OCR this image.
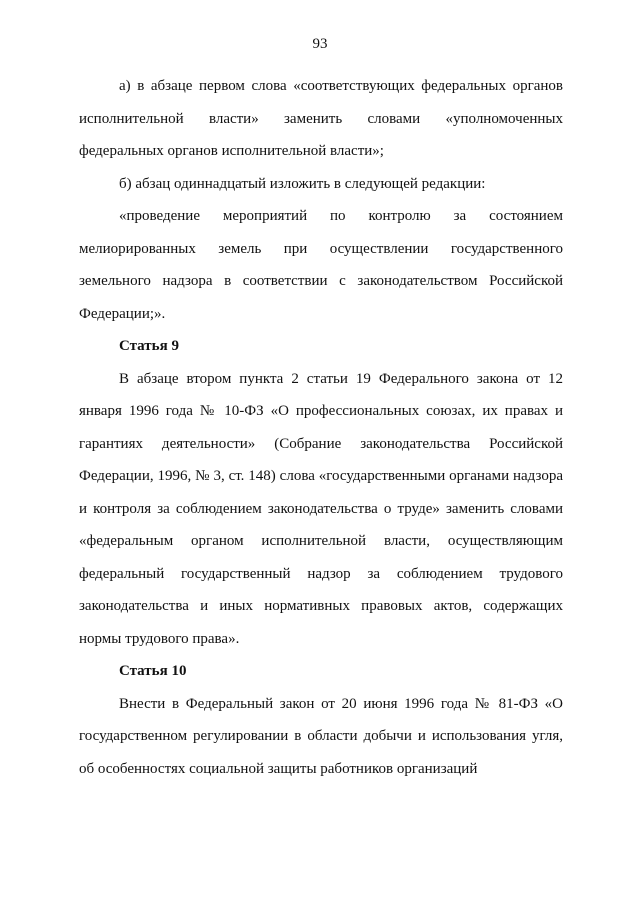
93

а) в абзаце первом слова «соответствующих федеральных органов исполнительной власти» заменить словами «уполномоченных федеральных органов исполнительной власти»;

б) абзац одиннадцатый изложить в следующей редакции:

«проведение мероприятий по контролю за состоянием мелиорированных земель при осуществлении государственного земельного надзора в соответствии с законодательством Российской Федерации;».

Статья 9

В абзаце втором пункта 2 статьи 19 Федерального закона от 12 января 1996 года № 10-ФЗ «О профессиональных союзах, их правах и гарантиях деятельности» (Собрание законодательства Российской Федерации, 1996, № 3, ст. 148) слова «государственными органами надзора и контроля за соблюдением законодательства о труде» заменить словами «федеральным органом исполнительной власти, осуществляющим федеральный государственный надзор за соблюдением трудового законодательства и иных нормативных правовых актов, содержащих нормы трудового права».

Статья 10

Внести в Федеральный закон от 20 июня 1996 года № 81-ФЗ «О государственном регулировании в области добычи и использования угля, об особенностях социальной защиты работников организаций
